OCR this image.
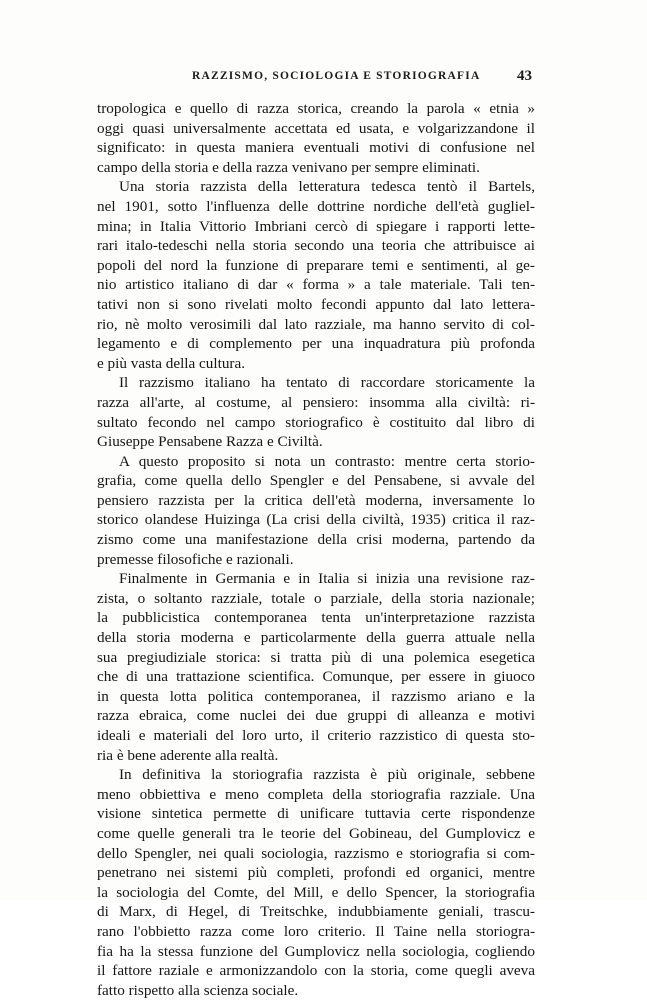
RAZZISMO, SOCIOLOGIA E STORIOGRAFIA 43
tropologica e quello di razza storica, creando la parola « etnia »
oggi quasi universalmente accettata ed usata, e volgarizzandone il
significato: in questa maniera eventuali motivi di confusione nel
campo della storia e della razza venivano per sempre eliminati.
Una storia razzista della letteratura tedesca tentò il Bartels,
nel 1901, sotto l'influenza delle dottrine nordiche dell'età gugliel-
mina; in Italia Vittorio Imbriani cercò di spiegare i rapporti lette-
rari italo-tedeschi nella storia secondo una teoria che attribuisce ai
popoli del nord la funzione di preparare temi e sentimenti, al ge-
nio artistico italiano di dar « forma » a tale materiale. Tali ten-
tativi non si sono rivelati molto fecondi appunto dal lato lettera-
rio, nè molto verosimili dal lato razziale, ma hanno servito di col-
legamento e di complemento per una inquadratura più profonda
e più vasta della cultura.
Il razzismo italiano ha tentato di raccordare storicamente la
razza all'arte, al costume, al pensiero: insomma alla civiltà: ri-
sultato fecondo nel campo storiografico è costituito dal libro di
Giuseppe Pensabene Razza e Civiltà.
A questo proposito si nota un contrasto: mentre certa storio-
grafia, come quella dello Spengler e del Pensabene, si avvale del
pensiero razzista per la critica dell'età moderna, inversamente lo
storico olandese Huizinga (La crisi della civiltà, 1935) critica il raz-
zismo come una manifestazione della crisi moderna, partendo da
premesse filosofiche e razionali.
Finalmente in Germania e in Italia si inizia una revisione raz-
zista, o soltanto razziale, totale o parziale, della storia nazionale;
la pubblicistica contemporanea tenta un'interpretazione razzista
della storia moderna e particolarmente della guerra attuale nella
sua pregiudiziale storica: si tratta più di una polemica esegetica
che di una trattazione scientifica. Comunque, per essere in giuoco
in questa lotta politica contemporanea, il razzismo ariano e la
razza ebraica, come nuclei dei due gruppi di alleanza e motivi
ideali e materiali del loro urto, il criterio razzistico di questa sto-
ria è bene aderente alla realtà.
In definitiva la storiografia razzista è più originale, sebbene
meno obbiettiva e meno completa della storiografia razziale. Una
visione sintetica permette di unificare tuttavia certe rispondenze
come quelle generali tra le teorie del Gobineau, del Gumplovicz e
dello Spengler, nei quali sociologia, razzismo e storiografia si com-
penetrano nei sistemi più completi, profondi ed organici, mentre
la sociologia del Comte, del Mill, e dello Spencer, la storiografia
di Marx, di Hegel, di Treitschke, indubbiamente geniali, trascu-
rano l'obbietto razza come loro criterio. Il Taine nella storiogra-
fia ha la stessa funzione del Gumplovicz nella sociologia, cogliendo
il fattore raziale e armonizzandolo con la storia, come quegli aveva
fatto rispetto alla scienza sociale.
